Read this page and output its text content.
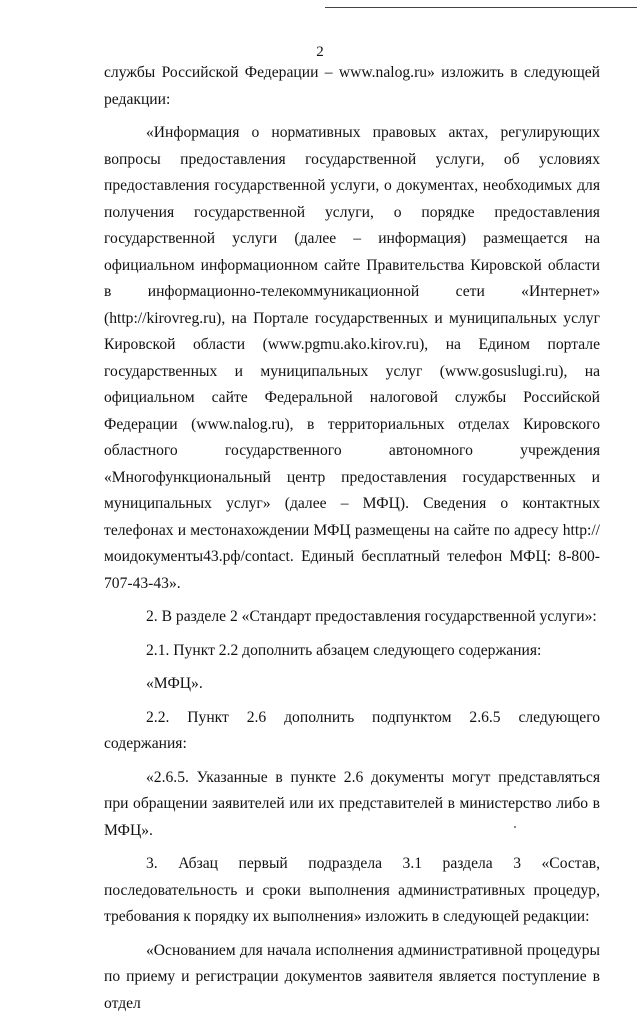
2

службы Российской Федерации – www.nalog.ru» изложить в следующей редакции:

«Информация о нормативных правовых актах, регулирующих вопросы предоставления государственной услуги, об условиях предоставления государственной услуги, о документах, необходимых для получения государственной услуги, о порядке предоставления государственной услуги (далее – информация) размещается на официальном информационном сайте Правительства Кировской области в информационно-телекоммуникационной сети «Интернет» (http://kirovreg.ru), на Портале государственных и муниципальных услуг Кировской области (www.pgmu.ako.kirov.ru), на Едином портале государственных и муниципальных услуг (www.gosuslugi.ru), на официальном сайте Федеральной налоговой службы Российской Федерации (www.nalog.ru), в территориальных отделах Кировского областного государственного автономного учреждения «Многофункциональный центр предоставления государственных и муниципальных услуг» (далее – МФЦ). Сведения о контактных телефонах и местонахождении МФЦ размещены на сайте по адресу http://моидокументы43.рф/contact. Единый бесплатный телефон МФЦ: 8-800-707-43-43».

2. В разделе 2 «Стандарт предоставления государственной услуги»:

2.1. Пункт 2.2 дополнить абзацем следующего содержания:

«МФЦ».

2.2. Пункт 2.6 дополнить подпунктом 2.6.5 следующего содержания:

«2.6.5. Указанные в пункте 2.6 документы могут представляться при обращении заявителей или их представителей в министерство либо в МФЦ».

3. Абзац первый подраздела 3.1 раздела 3 «Состав, последовательность и сроки выполнения административных процедур, требования к порядку их выполнения» изложить в следующей редакции:

«Основанием для начала исполнения административной процедуры по приему и регистрации документов заявителя является поступление в отдел
